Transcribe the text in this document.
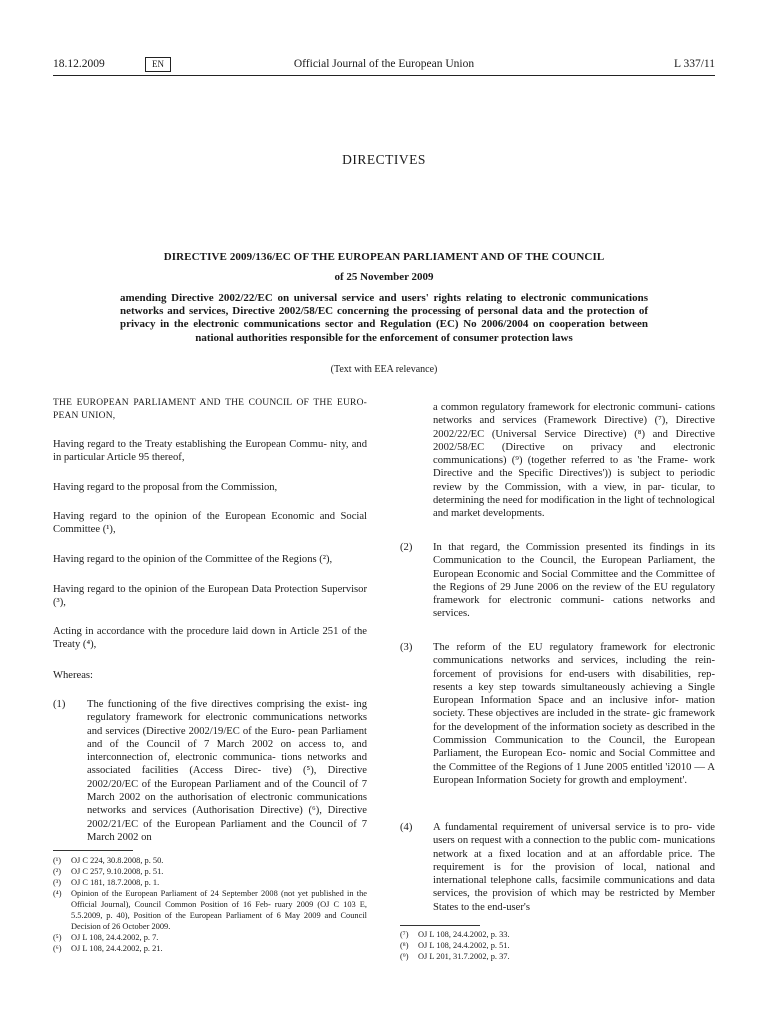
18.12.2009	EN	Official Journal of the European Union	L 337/11
DIRECTIVES
DIRECTIVE 2009/136/EC OF THE EUROPEAN PARLIAMENT AND OF THE COUNCIL
of 25 November 2009
amending Directive 2002/22/EC on universal service and users' rights relating to electronic communications networks and services, Directive 2002/58/EC concerning the processing of personal data and the protection of privacy in the electronic communications sector and Regulation (EC) No 2006/2004 on cooperation between national authorities responsible for the enforcement of consumer protection laws
(Text with EEA relevance)
THE EUROPEAN PARLIAMENT AND THE COUNCIL OF THE EURO- PEAN UNION,
Having regard to the Treaty establishing the European Commu- nity, and in particular Article 95 thereof,
Having regard to the proposal from the Commission,
Having regard to the opinion of the European Economic and Social Committee (¹),
Having regard to the opinion of the Committee of the Regions (²),
Having regard to the opinion of the European Data Protection Supervisor (³),
Acting in accordance with the procedure laid down in Article 251 of the Treaty (⁴),
Whereas:
(1) The functioning of the five directives comprising the exist- ing regulatory framework for electronic communications networks and services (Directive 2002/19/EC of the Euro- pean Parliament and of the Council of 7 March 2002 on access to, and interconnection of, electronic communica- tions networks and associated facilities (Access Direc- tive) (⁵), Directive 2002/20/EC of the European Parliament and of the Council of 7 March 2002 on the authorisation of electronic communications networks and services (Authorisation Directive) (⁶), Directive 2002/21/EC of the European Parliament and the Council of 7 March 2002 on
(¹)	OJ C 224, 30.8.2008, p. 50.
(²)	OJ C 257, 9.10.2008, p. 51.
(³)	OJ C 181, 18.7.2008, p. 1.
(⁴)	Opinion of the European Parliament of 24 September 2008 (not yet published in the Official Journal), Council Common Position of 16 Feb- ruary 2009 (OJ C 103 E, 5.5.2009, p. 40), Position of the European Parliament of 6 May 2009 and Council Decision of 26 October 2009.
(⁵)	OJ L 108, 24.4.2002, p. 7.
(⁶)	OJ L 108, 24.4.2002, p. 21.
a common regulatory framework for electronic communi- cations networks and services (Framework Directive) (⁷), Directive 2002/22/EC (Universal Service Directive) (⁸) and Directive 2002/58/EC (Directive on privacy and electronic communications) (⁹) (together referred to as 'the Frame- work Directive and the Specific Directives')) is subject to periodic review by the Commission, with a view, in par- ticular, to determining the need for modification in the light of technological and market developments.
(2) In that regard, the Commission presented its findings in its Communication to the Council, the European Parliament, the European Economic and Social Committee and the Committee of the Regions of 29 June 2006 on the review of the EU regulatory framework for electronic communi- cations networks and services.
(3) The reform of the EU regulatory framework for electronic communications networks and services, including the rein- forcement of provisions for end-users with disabilities, rep- resents a key step towards simultaneously achieving a Single European Information Space and an inclusive infor- mation society. These objectives are included in the strate- gic framework for the development of the information society as described in the Commission Communication to the Council, the European Parliament, the European Eco- nomic and Social Committee and the Committee of the Regions of 1 June 2005 entitled 'i2010 — A European Information Society for growth and employment'.
(4) A fundamental requirement of universal service is to pro- vide users on request with a connection to the public com- munications network at a fixed location and at an affordable price. The requirement is for the provision of local, national and international telephone calls, facsimile communications and data services, the provision of which may be restricted by Member States to the end-user's
(⁷)	OJ L 108, 24.4.2002, p. 33.
(⁸)	OJ L 108, 24.4.2002, p. 51.
(⁹)	OJ L 201, 31.7.2002, p. 37.
